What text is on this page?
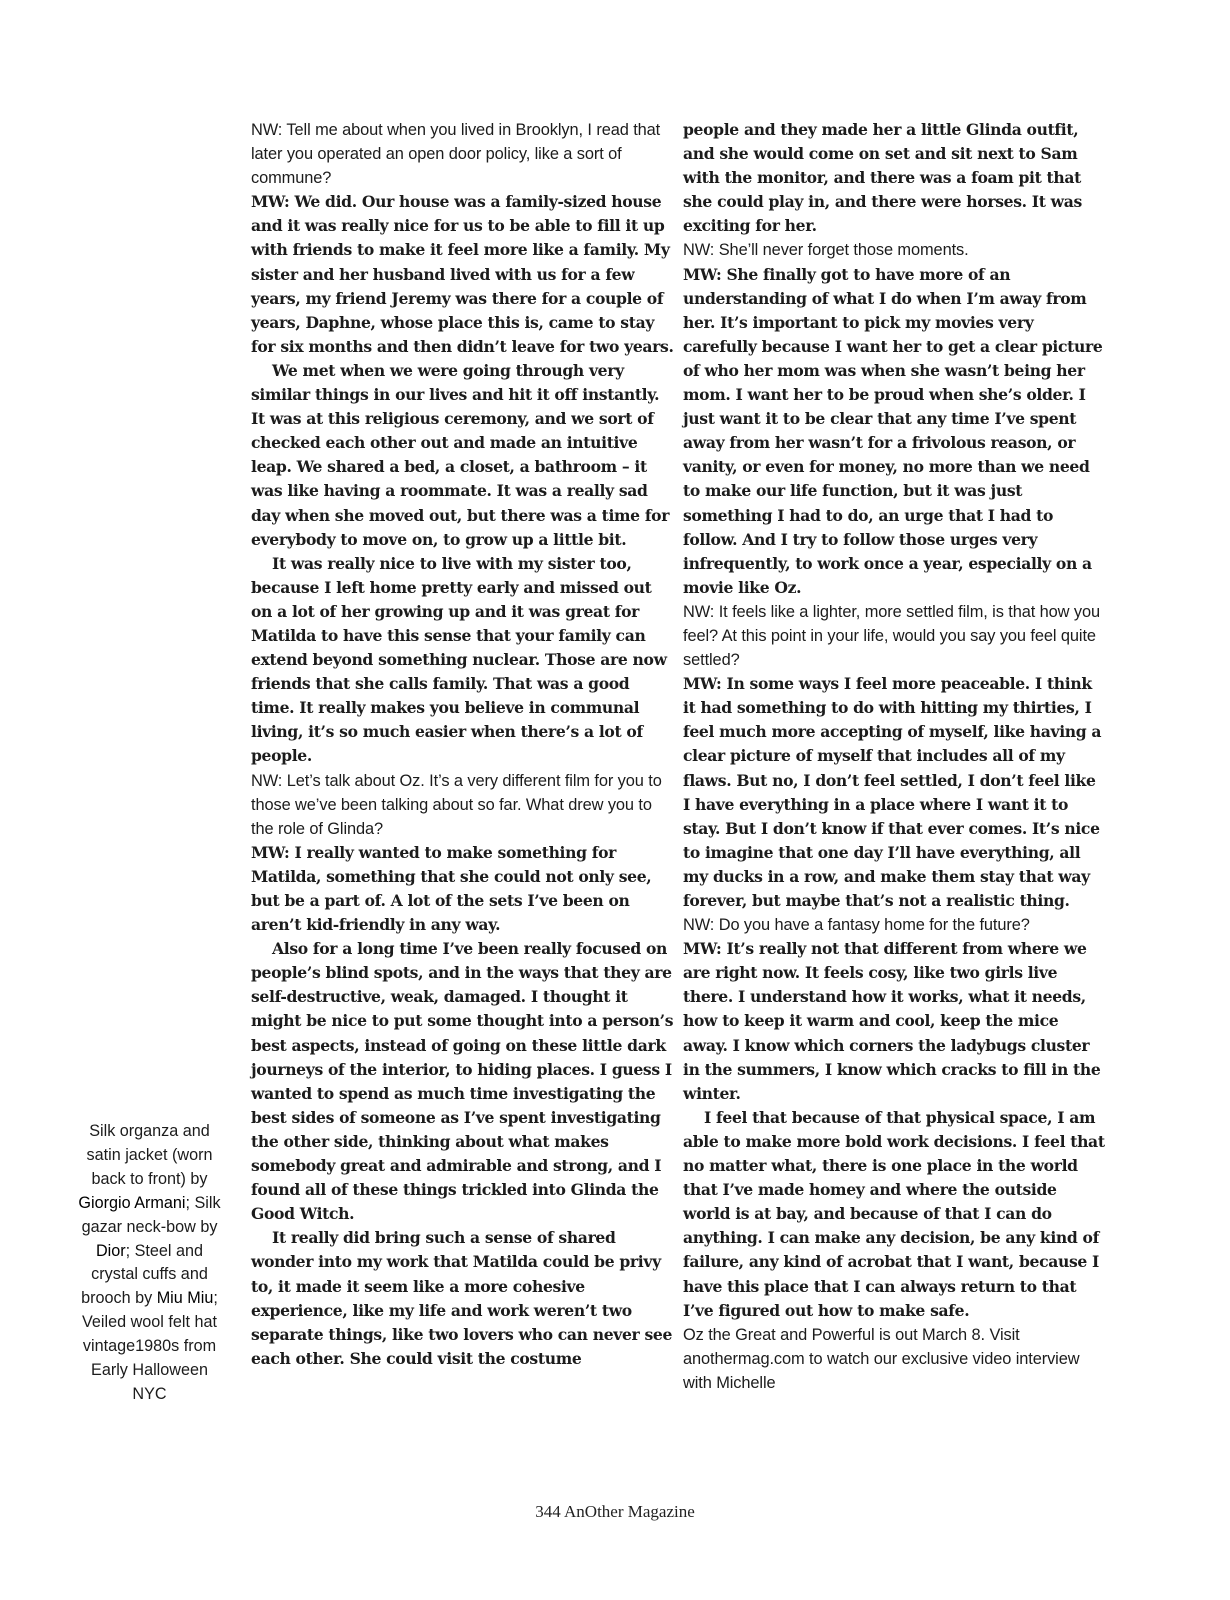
Silk organza and satin jacket (worn back to front) by Giorgio Armani; Silk gazar neck-bow by Dior; Steel and crystal cuffs and brooch by Miu Miu; Veiled wool felt hat vintage1980s from Early Halloween NYC

NW: Tell me about when you lived in Brooklyn, I read that later you operated an open door policy, like a sort of commune?

MW: We did. Our house was a family-sized house and it was really nice for us to be able to fill it up with friends to make it feel more like a family. My sister and her husband lived with us for a few years, my friend Jeremy was there for a couple of years, Daphne, whose place this is, came to stay for six months and then didn’t leave for two years.

We met when we were going through very similar things in our lives and hit it off instantly. It was at this religious ceremony, and we sort of checked each other out and made an intuitive leap. We shared a bed, a closet, a bathroom – it was like having a roommate. It was a really sad day when she moved out, but there was a time for everybody to move on, to grow up a little bit.

It was really nice to live with my sister too, because I left home pretty early and missed out on a lot of her growing up and it was great for Matilda to have this sense that your family can extend beyond something nuclear. Those are now friends that she calls family. That was a good time. It really makes you believe in communal living, it’s so much easier when there’s a lot of people.

NW: Let’s talk about Oz. It’s a very different film for you to those we’ve been talking about so far. What drew you to the role of Glinda?

MW: I really wanted to make something for Matilda, something that she could not only see, but be a part of. A lot of the sets I’ve been on aren’t kid-friendly in any way.

Also for a long time I’ve been really focused on people’s blind spots, and in the ways that they are self-destructive, weak, damaged. I thought it might be nice to put some thought into a person’s best aspects, instead of going on these little dark journeys of the interior, to hiding places. I guess I wanted to spend as much time investigating the best sides of someone as I’ve spent investigating the other side, thinking about what makes somebody great and admirable and strong, and I found all of these things trickled into Glinda the Good Witch.

It really did bring such a sense of shared wonder into my work that Matilda could be privy to, it made it seem like a more cohesive experience, like my life and work weren’t two separate things, like two lovers who can never see each other. She could visit the costume

people and they made her a little Glinda outfit, and she would come on set and sit next to Sam with the monitor, and there was a foam pit that she could play in, and there were horses. It was exciting for her.

NW: She’ll never forget those moments.

MW: She finally got to have more of an understanding of what I do when I’m away from her. It’s important to pick my movies very carefully because I want her to get a clear picture of who her mom was when she wasn’t being her mom. I want her to be proud when she’s older. I just want it to be clear that any time I’ve spent away from her wasn’t for a frivolous reason, or vanity, or even for money, no more than we need to make our life function, but it was just something I had to do, an urge that I had to follow. And I try to follow those urges very infrequently, to work once a year, especially on a movie like Oz.

NW: It feels like a lighter, more settled film, is that how you feel? At this point in your life, would you say you feel quite settled?

MW: In some ways I feel more peaceable. I think it had something to do with hitting my thirties, I feel much more accepting of myself, like having a clear picture of myself that includes all of my flaws. But no, I don’t feel settled, I don’t feel like I have everything in a place where I want it to stay. But I don’t know if that ever comes. It’s nice to imagine that one day I’ll have everything, all my ducks in a row, and make them stay that way forever, but maybe that’s not a realistic thing.

NW: Do you have a fantasy home for the future?

MW: It’s really not that different from where we are right now. It feels cosy, like two girls live there. I understand how it works, what it needs, how to keep it warm and cool, keep the mice away. I know which corners the ladybugs cluster in the summers, I know which cracks to fill in the winter.

I feel that because of that physical space, I am able to make more bold work decisions. I feel that no matter what, there is one place in the world that I’ve made homey and where the outside world is at bay, and because of that I can do anything. I can make any decision, be any kind of failure, any kind of acrobat that I want, because I have this place that I can always return to that I’ve figured out how to make safe.

Oz the Great and Powerful is out March 8. Visit anothermag.com to watch our exclusive video interview with Michelle

344 AnOther Magazine
